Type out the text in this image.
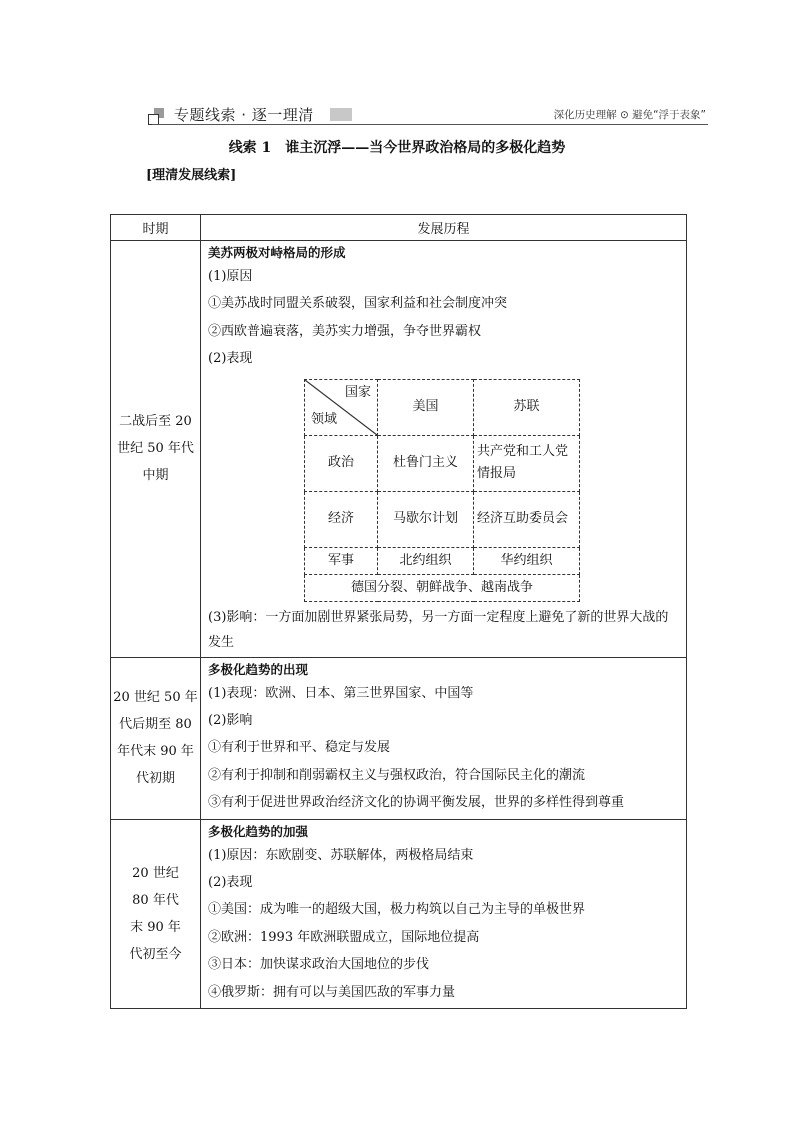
专题线索 · 逐一理清	深化历史理解 ⊙ 避免“浮于表象”
线索 1　谁主沉浮——当今世界政治格局的多极化趋势
[理清发展线索]
时期	发展历程

二战后至 20
世纪 50 年代
中期

美苏两极对峙格局的形成

(1)原因

①美苏战时同盟关系破裂，国家利益和社会制度冲突

②西欧普遍衰落，美苏实力增强，争夺世界霸权

(2)表现

国家
领域
	美国	苏联
政治	杜鲁门主义	共产党和工人党情报局
经济	马歇尔计划	经济互助委员会
军事	北约组织	华约组织
德国分裂、朝鲜战争、越南战争

(3)影响：一方面加剧世界紧张局势，另一方面一定程度上避免了新的世界大战的发生

20 世纪 50 年
代后期至 80
年代末 90 年
代初期

多极化趋势的出现

(1)表现：欧洲、日本、第三世界国家、中国等

(2)影响

①有利于世界和平、稳定与发展

②有利于抑制和削弱霸权主义与强权政治，符合国际民主化的潮流

③有利于促进世界政治经济文化的协调平衡发展，世界的多样性得到尊重

20 世纪
80 年代
末 90 年
代初至今

多极化趋势的加强

(1)原因：东欧剧变、苏联解体，两极格局结束

(2)表现

①美国：成为唯一的超级大国，极力构筑以自己为主导的单极世界

②欧洲：1993 年欧洲联盟成立，国际地位提高

③日本：加快谋求政治大国地位的步伐

④俄罗斯：拥有可以与美国匹敌的军事力量
